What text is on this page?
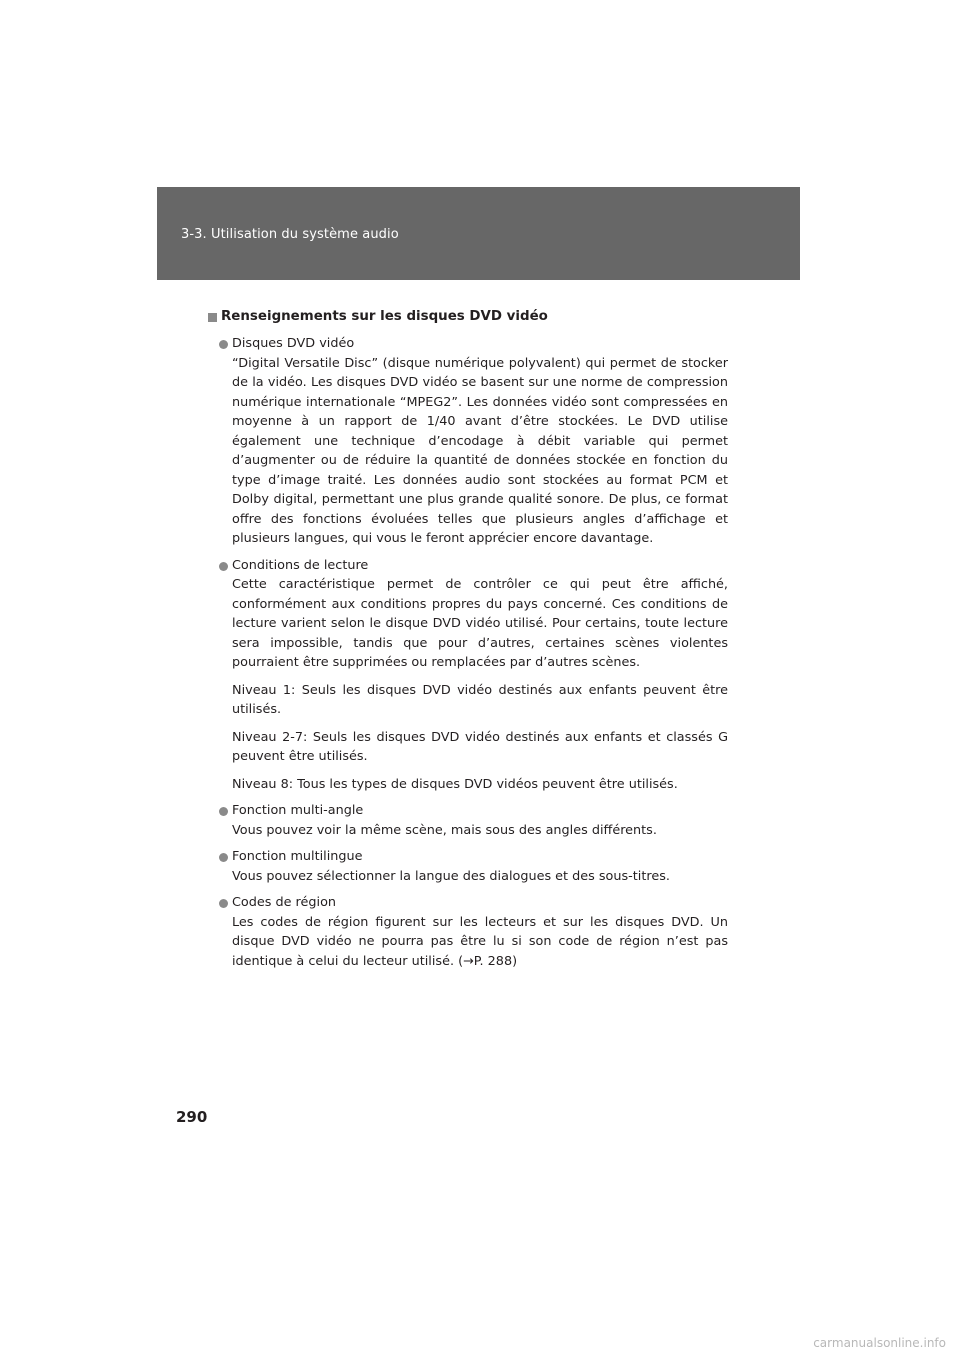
3-3. Utilisation du système audio
Renseignements sur les disques DVD vidéo
Disques DVD vidéo
“Digital Versatile Disc” (disque numérique polyvalent) qui permet de stocker de la vidéo. Les disques DVD vidéo se basent sur une norme de compression numérique internationale “MPEG2”. Les données vidéo sont compressées en moyenne à un rapport de 1/40 avant d’être stockées. Le DVD utilise également une technique d’encodage à débit variable qui permet d’augmenter ou de réduire la quantité de données stockée en fonction du type d’image traité. Les données audio sont stockées au format PCM et Dolby digital, permettant une plus grande qualité sonore. De plus, ce format offre des fonctions évoluées telles que plusieurs angles d’affichage et plusieurs langues, qui vous le feront apprécier encore davantage.
Conditions de lecture
Cette caractéristique permet de contrôler ce qui peut être affiché, conformément aux conditions propres du pays concerné. Ces conditions de lecture varient selon le disque DVD vidéo utilisé. Pour certains, toute lecture sera impossible, tandis que pour d’autres, certaines scènes violentes pourraient être supprimées ou remplacées par d’autres scènes.
Niveau 1: Seuls les disques DVD vidéo destinés aux enfants peuvent être utilisés.
Niveau 2-7: Seuls les disques DVD vidéo destinés aux enfants et classés G peuvent être utilisés.
Niveau 8: Tous les types de disques DVD vidéos peuvent être utilisés.
Fonction multi-angle
Vous pouvez voir la même scène, mais sous des angles différents.
Fonction multilingue
Vous pouvez sélectionner la langue des dialogues et des sous-titres.
Codes de région
Les codes de région figurent sur les lecteurs et sur les disques DVD. Un disque DVD vidéo ne pourra pas être lu si son code de région n’est pas identique à celui du lecteur utilisé. (→P. 288)
290
carmanualsonline.info
